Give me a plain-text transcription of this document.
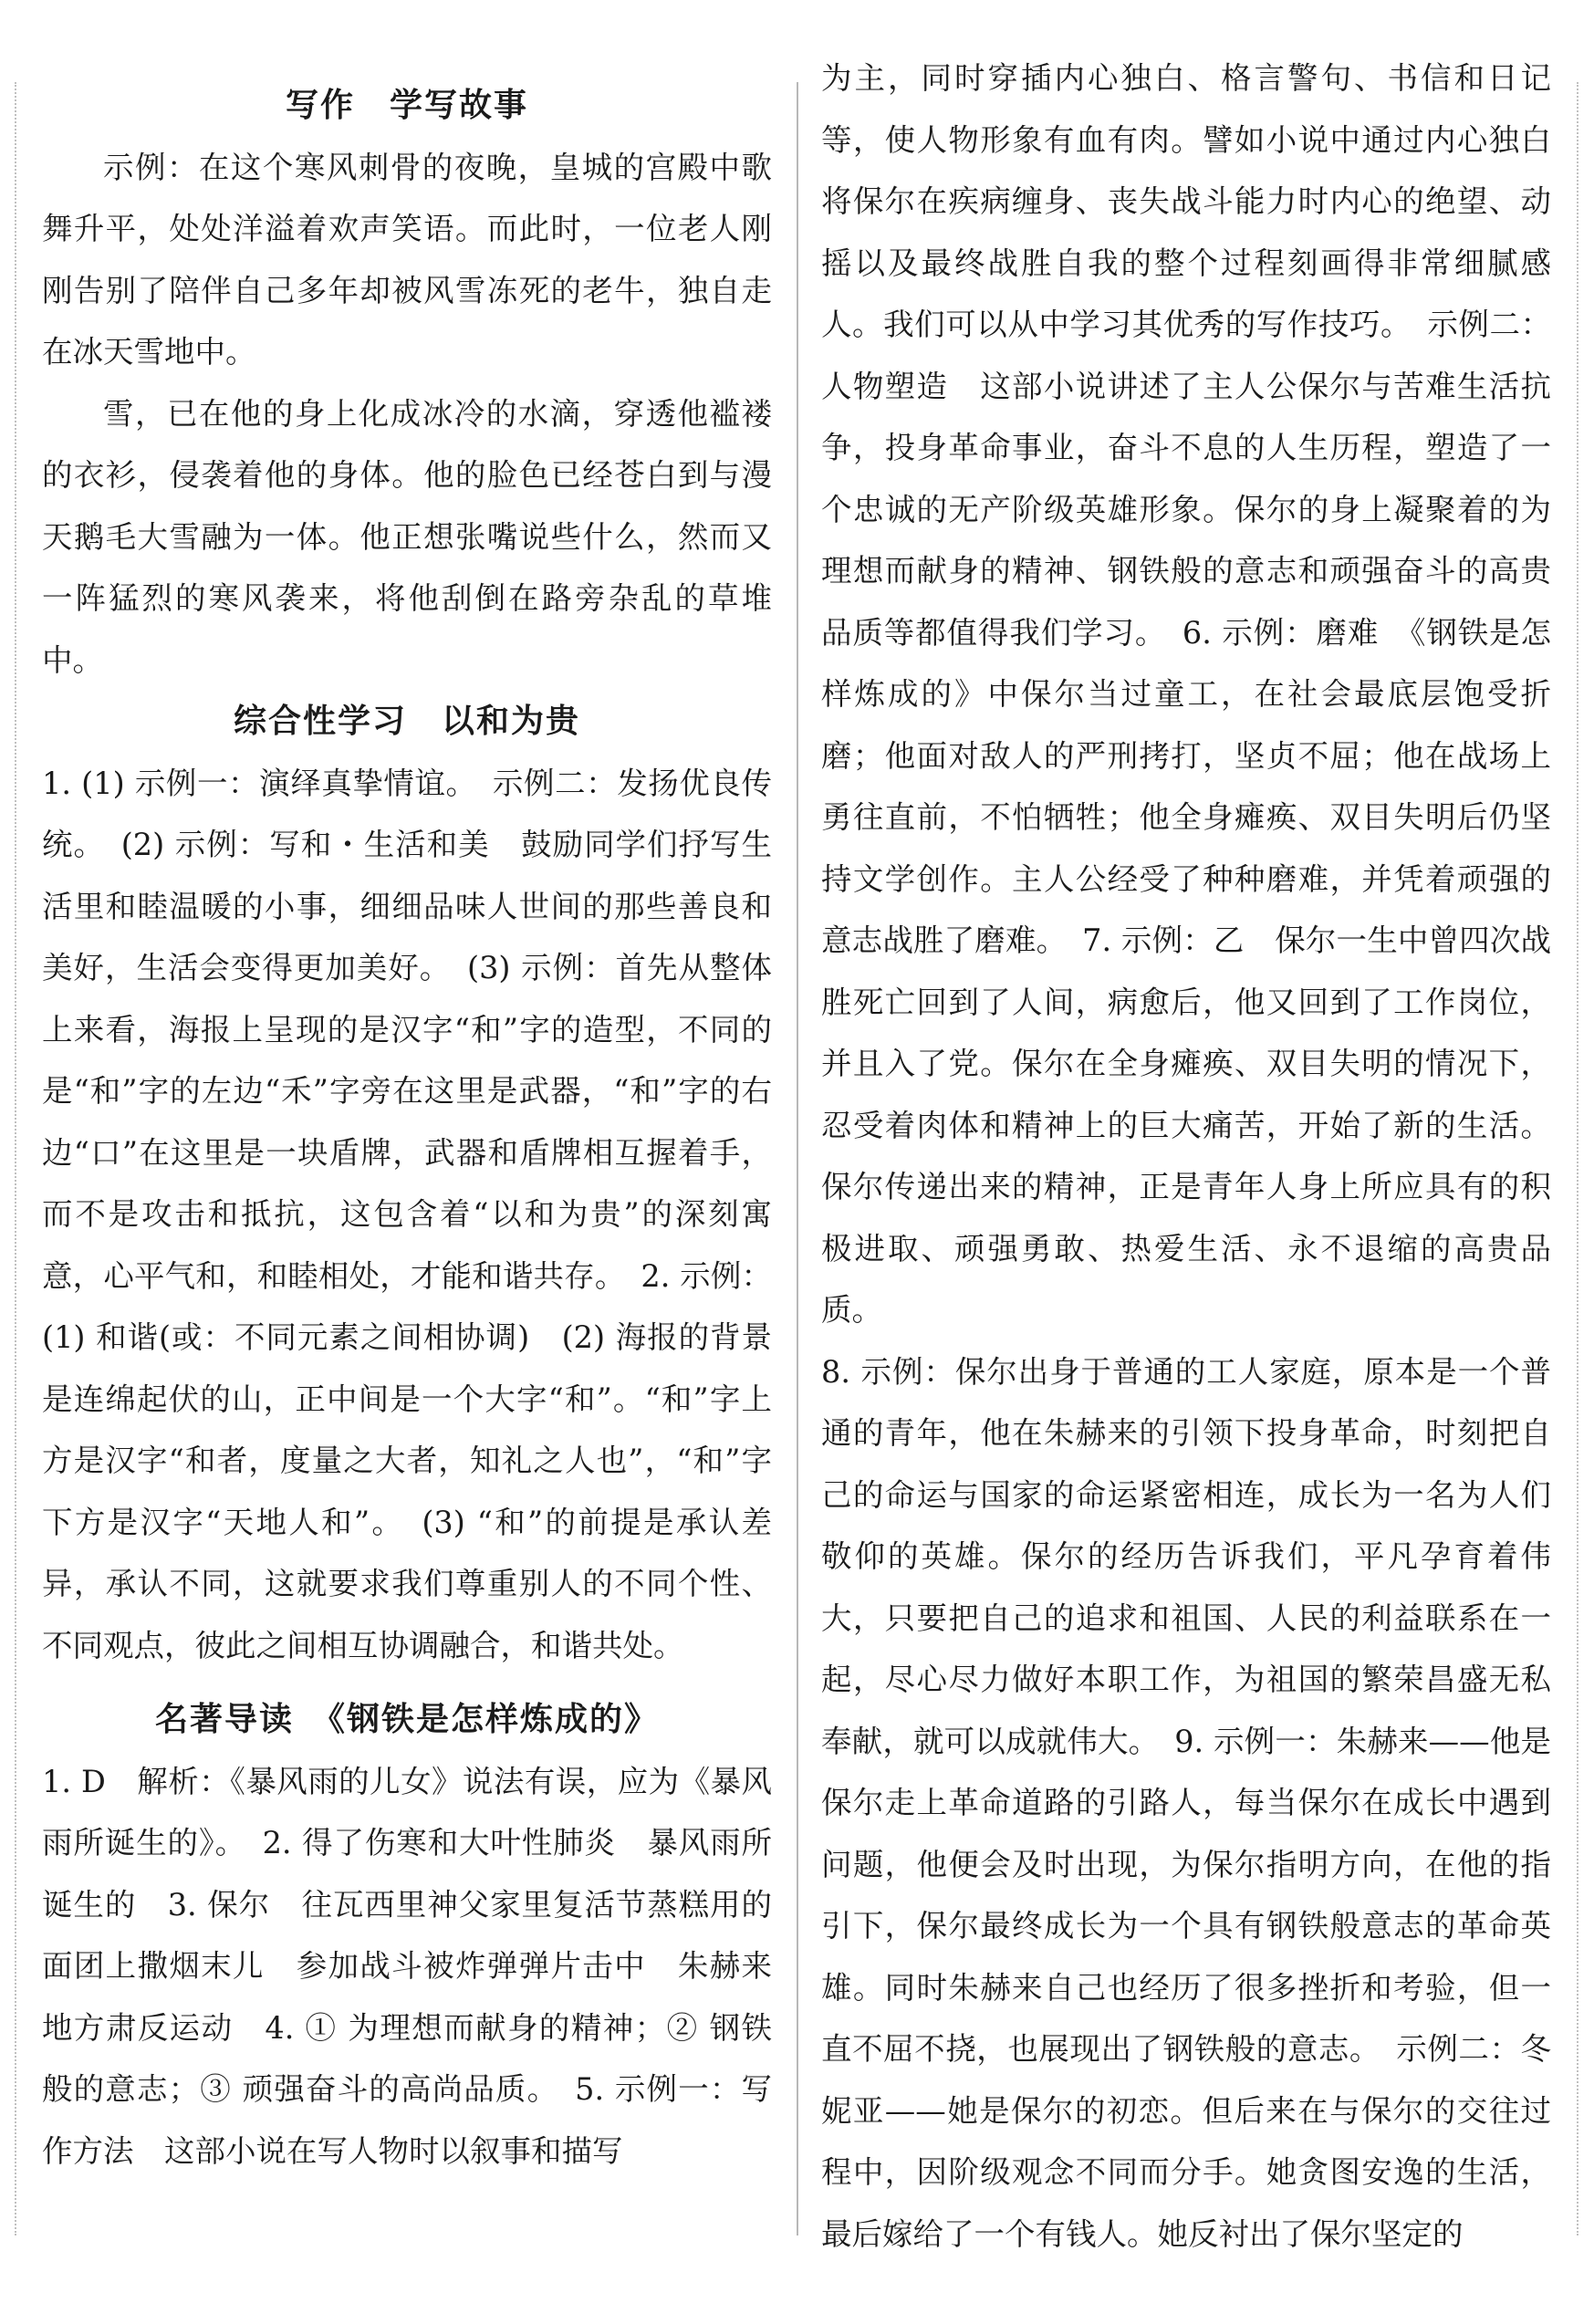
写作　学写故事

示例：在这个寒风刺骨的夜晚，皇城的宫殿中歌舞升平，处处洋溢着欢声笑语。而此时，一位老人刚刚告别了陪伴自己多年却被风雪冻死的老牛，独自走在冰天雪地中。

雪，已在他的身上化成冰冷的水滴，穿透他褴褛的衣衫，侵袭着他的身体。他的脸色已经苍白到与漫天鹅毛大雪融为一体。他正想张嘴说些什么，然而又一阵猛烈的寒风袭来，将他刮倒在路旁杂乱的草堆中。

综合性学习　以和为贵

1. (1) 示例一：演绎真挚情谊。　示例二：发扬优良传统。　(2) 示例：写和・生活和美　鼓励同学们抒写生活里和睦温暖的小事，细细品味人世间的那些善良和美好，生活会变得更加美好。　(3) 示例：首先从整体上来看，海报上呈现的是汉字“和”字的造型，不同的是“和”字的左边“禾”字旁在这里是武器，“和”字的右边“口”在这里是一块盾牌，武器和盾牌相互握着手，而不是攻击和抵抗，这包含着“以和为贵”的深刻寓意，心平气和，和睦相处，才能和谐共存。　2. 示例：(1) 和谐(或：不同元素之间相协调)　(2) 海报的背景是连绵起伏的山，正中间是一个大字“和”。“和”字上方是汉字“和者，度量之大者，知礼之人也”，“和”字下方是汉字“天地人和”。　(3) “和”的前提是承认差异，承认不同，这就要求我们尊重别人的不同个性、不同观点，彼此之间相互协调融合，和谐共处。

名著导读　《钢铁是怎样炼成的》

1. D　解析：《暴风雨的儿女》说法有误，应为《暴风雨所诞生的》。　2. 得了伤寒和大叶性肺炎　暴风雨所诞生的　3. 保尔　往瓦西里神父家里复活节蒸糕用的面团上撒烟末儿　参加战斗被炸弹弹片击中　朱赫来　地方肃反运动　4. ① 为理想而献身的精神；② 钢铁般的意志；③ 顽强奋斗的高尚品质。　5. 示例一：写作方法　这部小说在写人物时以叙事和描写

为主，同时穿插内心独白、格言警句、书信和日记等，使人物形象有血有肉。譬如小说中通过内心独白将保尔在疾病缠身、丧失战斗能力时内心的绝望、动摇以及最终战胜自我的整个过程刻画得非常细腻感人。我们可以从中学习其优秀的写作技巧。　示例二：人物塑造　这部小说讲述了主人公保尔与苦难生活抗争，投身革命事业，奋斗不息的人生历程，塑造了一个忠诚的无产阶级英雄形象。保尔的身上凝聚着的为理想而献身的精神、钢铁般的意志和顽强奋斗的高贵品质等都值得我们学习。　6. 示例：磨难　《钢铁是怎样炼成的》中保尔当过童工，在社会最底层饱受折磨；他面对敌人的严刑拷打，坚贞不屈；他在战场上勇往直前，不怕牺牲；他全身瘫痪、双目失明后仍坚持文学创作。主人公经受了种种磨难，并凭着顽强的意志战胜了磨难。　7. 示例：乙　保尔一生中曾四次战胜死亡回到了人间，病愈后，他又回到了工作岗位，并且入了党。保尔在全身瘫痪、双目失明的情况下，忍受着肉体和精神上的巨大痛苦，开始了新的生活。保尔传递出来的精神，正是青年人身上所应具有的积极进取、顽强勇敢、热爱生活、永不退缩的高贵品质。

8. 示例：保尔出身于普通的工人家庭，原本是一个普通的青年，他在朱赫来的引领下投身革命，时刻把自己的命运与国家的命运紧密相连，成长为一名为人们敬仰的英雄。保尔的经历告诉我们，平凡孕育着伟大，只要把自己的追求和祖国、人民的利益联系在一起，尽心尽力做好本职工作，为祖国的繁荣昌盛无私奉献，就可以成就伟大。　9. 示例一：朱赫来——他是保尔走上革命道路的引路人，每当保尔在成长中遇到问题，他便会及时出现，为保尔指明方向，在他的指引下，保尔最终成长为一个具有钢铁般意志的革命英雄。同时朱赫来自己也经历了很多挫折和考验，但一直不屈不挠，也展现出了钢铁般的意志。　示例二：冬妮亚——她是保尔的初恋。但后来在与保尔的交往过程中，因阶级观念不同而分手。她贪图安逸的生活，最后嫁给了一个有钱人。她反衬出了保尔坚定的
